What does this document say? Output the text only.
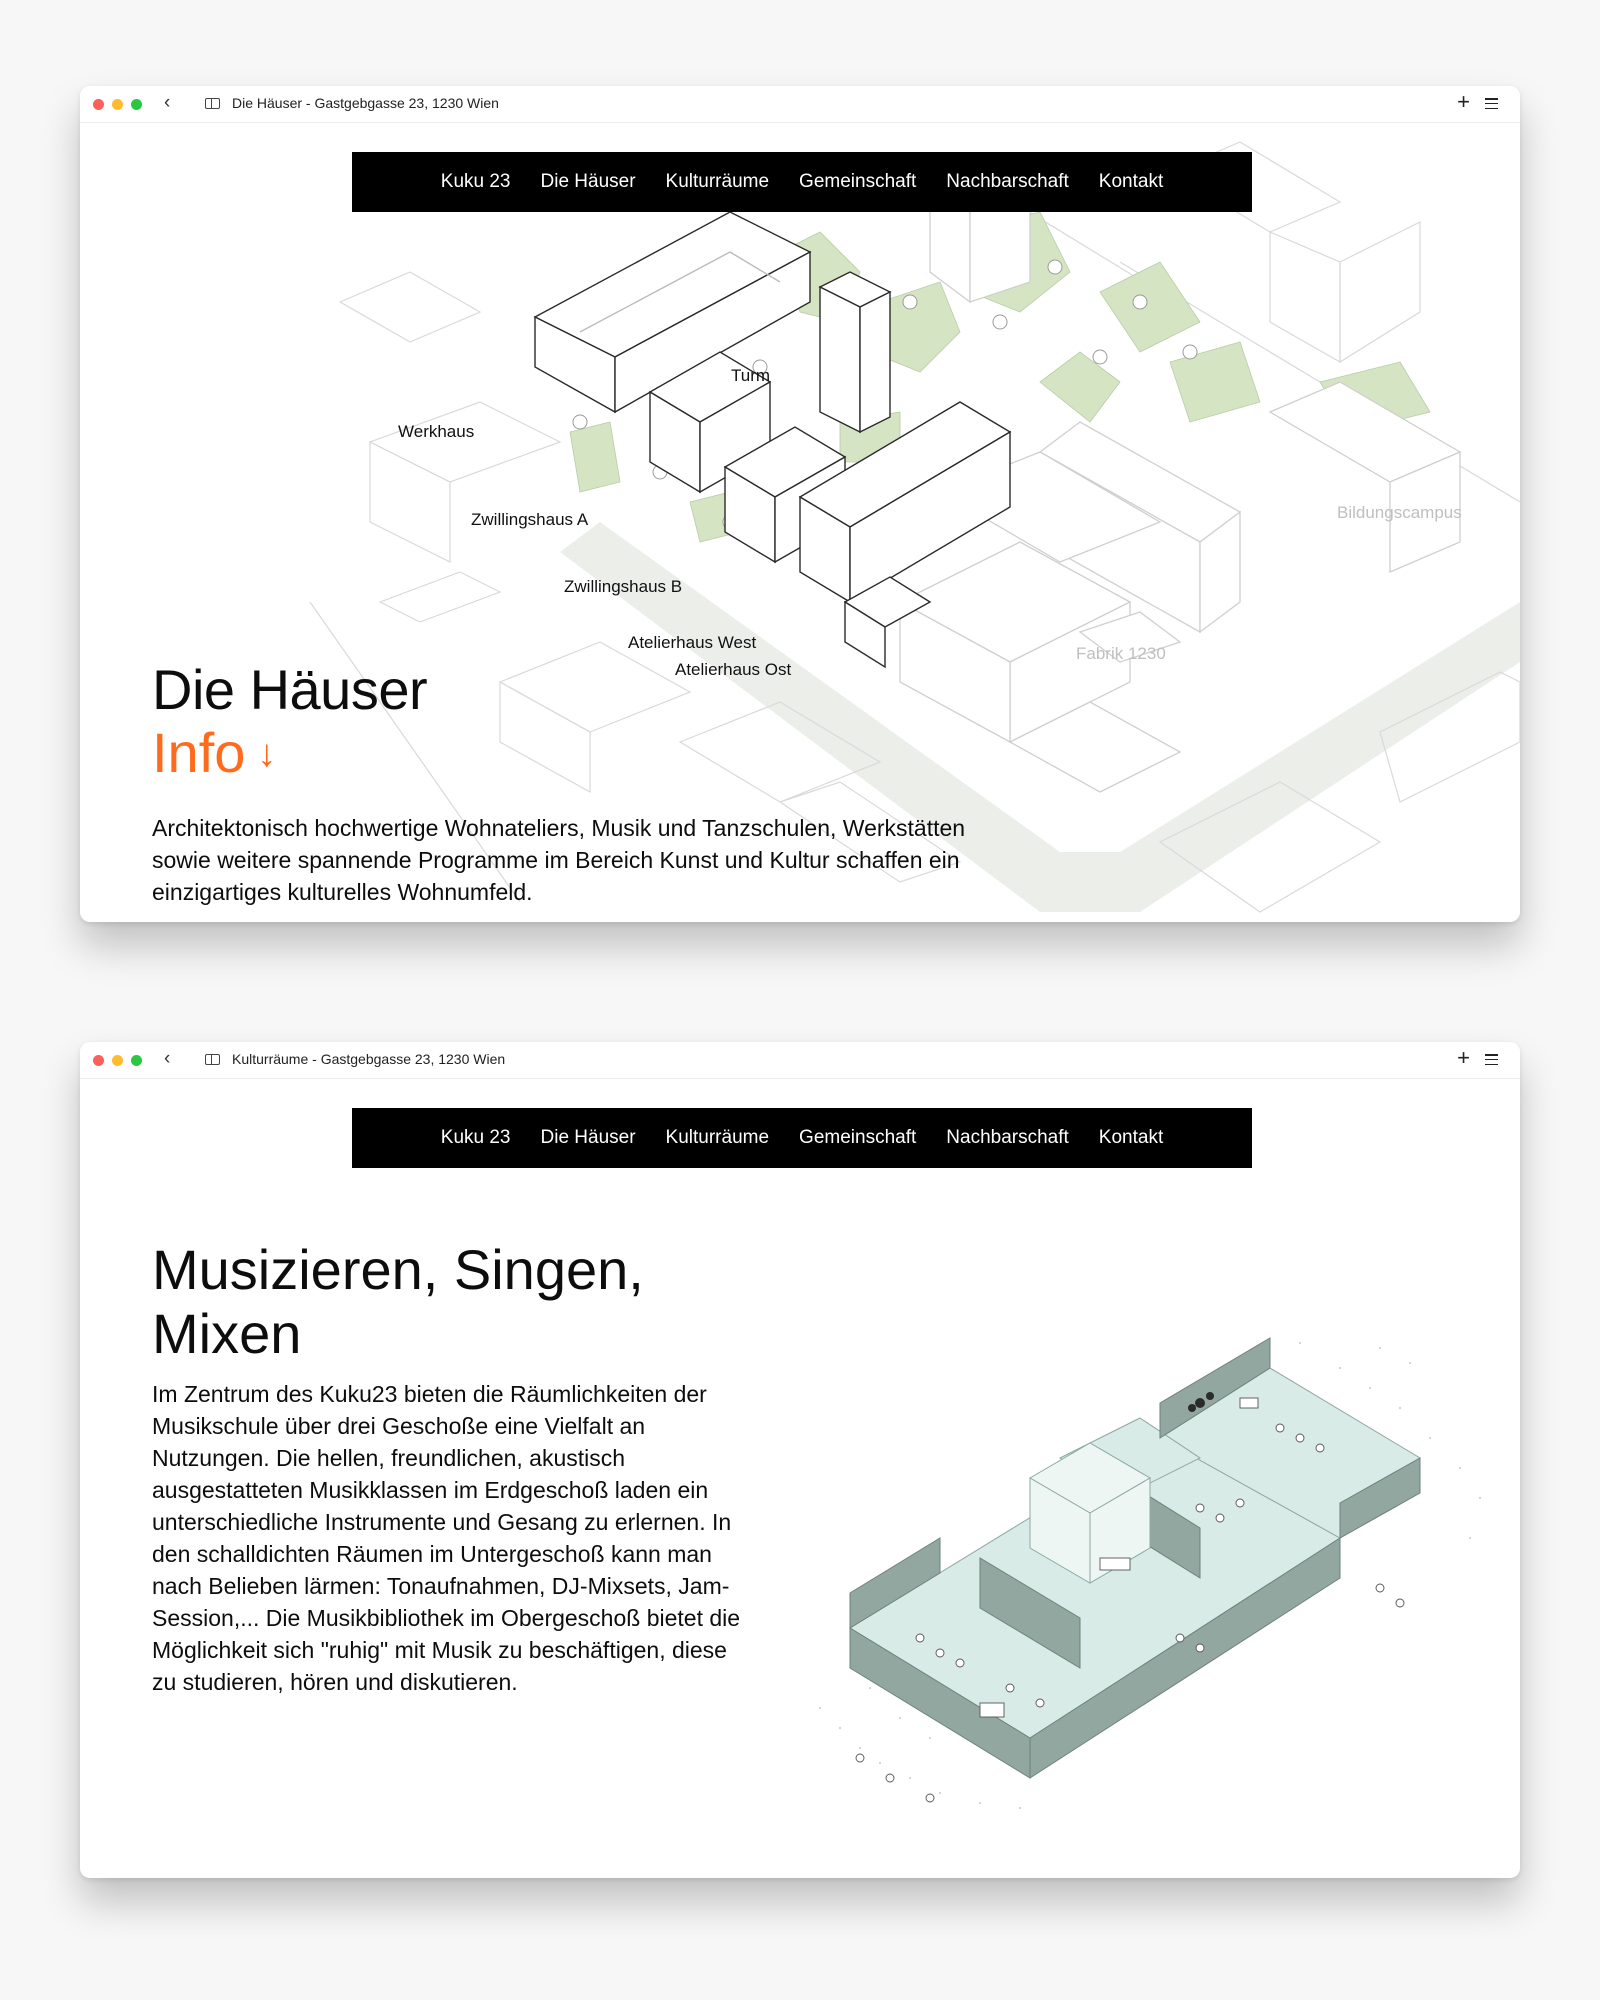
‹	Die Häuser - Gastgebgasse 23, 1230 Wien	+
Turm
Werkhaus
Zwillingshaus A
Zwillingshaus B
Atelierhaus West
Atelierhaus Ost
Bildungscampus
Fabrik 1230
Die Häuser
Info ↓
Architektonisch hochwertige Wohnateliers, Musik und Tanzschulen, Werkstätten sowie weitere spannende Programme im Bereich Kunst und Kultur schaffen ein einzigartiges kulturelles Wohnumfeld.
Kuku 23 Die Häuser Kulturräume Gemeinschaft Nachbarschaft Kontakt
‹	Kulturräume - Gastgebgasse 23, 1230 Wien	+
Kuku 23 Die Häuser Kulturräume Gemeinschaft Nachbarschaft Kontakt
Musizieren, Singen, Mixen
Im Zentrum des Kuku23 bieten die Räumlichkeiten der Musikschule über drei Geschoße eine Vielfalt an Nutzungen. Die hellen, freundlichen, akustisch ausgestatteten Musikklassen im Erdgeschoß laden ein unterschiedliche Instrumente und Gesang zu erlernen. In den schalldichten Räumen im Untergeschoß kann man nach Belieben lärmen: Tonaufnahmen, DJ-Mixsets, Jam-Session,... Die Musikbibliothek im Obergeschoß bietet die Möglichkeit sich "ruhig" mit Musik zu beschäftigen, diese zu studieren, hören und diskutieren.
